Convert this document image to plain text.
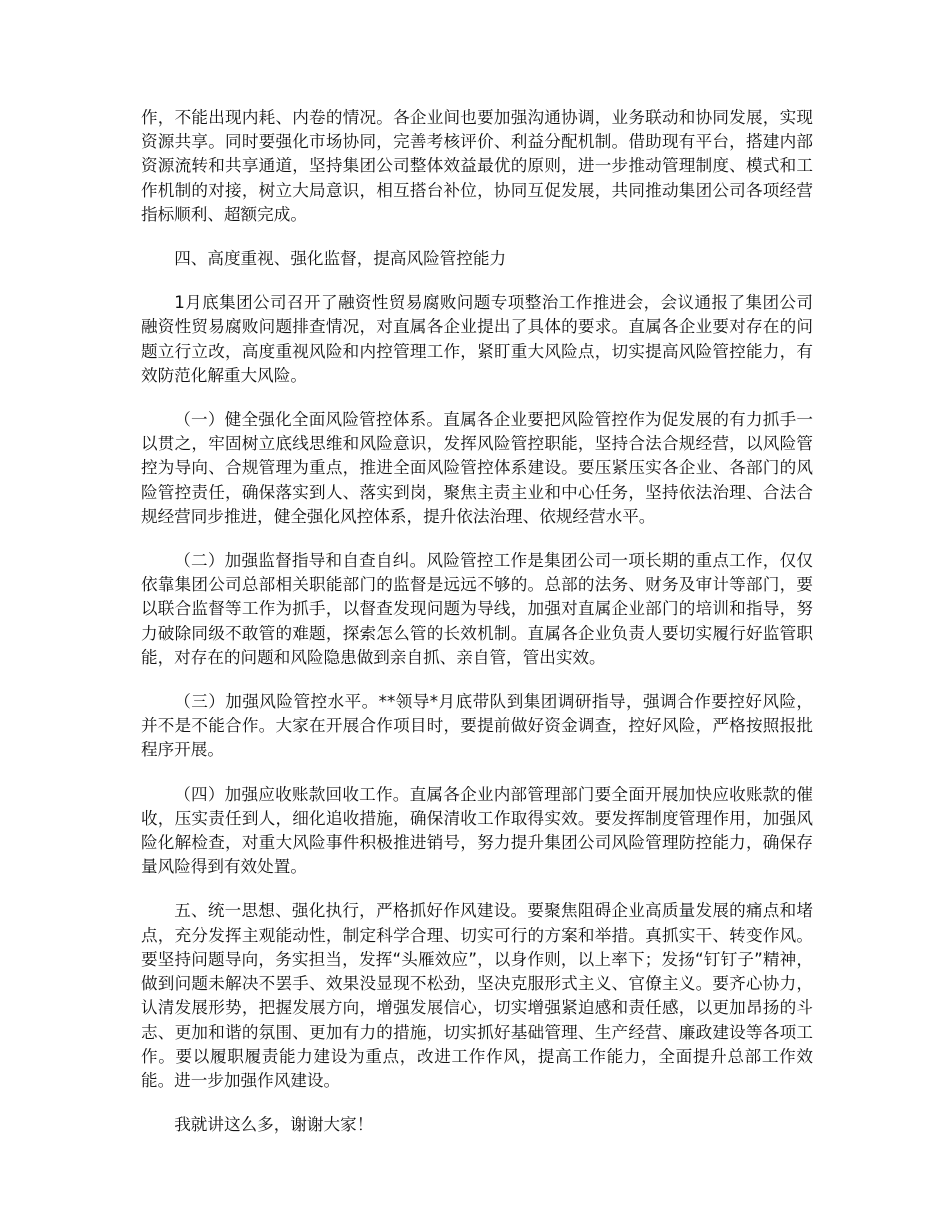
作，不能出现内耗、内卷的情况。各企业间也要加强沟通协调，业务联动和协同发展，实现资源共享。同时要强化市场协同，完善考核评价、利益分配机制。借助现有平台，搭建内部资源流转和共享通道，坚持集团公司整体效益最优的原则，进一步推动管理制度、模式和工作机制的对接，树立大局意识，相互搭台补位，协同互促发展，共同推动集团公司各项经营指标顺利、超额完成。

四、高度重视、强化监督，提高风险管控能力

1月底集团公司召开了融资性贸易腐败问题专项整治工作推进会，会议通报了集团公司融资性贸易腐败问题排查情况，对直属各企业提出了具体的要求。直属各企业要对存在的问题立行立改，高度重视风险和内控管理工作，紧盯重大风险点，切实提高风险管控能力，有效防范化解重大风险。

（一）健全强化全面风险管控体系。直属各企业要把风险管控作为促发展的有力抓手一以贯之，牢固树立底线思维和风险意识，发挥风险管控职能，坚持合法合规经营，以风险管控为导向、合规管理为重点，推进全面风险管控体系建设。要压紧压实各企业、各部门的风险管控责任，确保落实到人、落实到岗，聚焦主责主业和中心任务，坚持依法治理、合法合规经营同步推进，健全强化风控体系，提升依法治理、依规经营水平。

（二）加强监督指导和自查自纠。风险管控工作是集团公司一项长期的重点工作，仅仅依靠集团公司总部相关职能部门的监督是远远不够的。总部的法务、财务及审计等部门，要以联合监督等工作为抓手，以督查发现问题为导线，加强对直属企业部门的培训和指导，努力破除同级不敢管的难题，探索怎么管的长效机制。直属各企业负责人要切实履行好监管职能，对存在的问题和风险隐患做到亲自抓、亲自管，管出实效。

（三）加强风险管控水平。**领导*月底带队到集团调研指导，强调合作要控好风险，并不是不能合作。大家在开展合作项目时，要提前做好资金调查，控好风险，严格按照报批程序开展。

（四）加强应收账款回收工作。直属各企业内部管理部门要全面开展加快应收账款的催收，压实责任到人，细化追收措施，确保清收工作取得实效。要发挥制度管理作用，加强风险化解检查，对重大风险事件积极推进销号，努力提升集团公司风险管理防控能力，确保存量风险得到有效处置。

五、统一思想、强化执行，严格抓好作风建设。要聚焦阻碍企业高质量发展的痛点和堵点，充分发挥主观能动性，制定科学合理、切实可行的方案和举措。真抓实干、转变作风。要坚持问题导向，务实担当，发挥“头雁效应”，以身作则，以上率下；发扬“钉钉子”精神，做到问题未解决不罢手、效果没显现不松劲，坚决克服形式主义、官僚主义。要齐心协力，认清发展形势，把握发展方向，增强发展信心，切实增强紧迫感和责任感，以更加昂扬的斗志、更加和谐的氛围、更加有力的措施，切实抓好基础管理、生产经营、廉政建设等各项工作。要以履职履责能力建设为重点，改进工作作风，提高工作能力，全面提升总部工作效能。进一步加强作风建设。

我就讲这么多，谢谢大家！
